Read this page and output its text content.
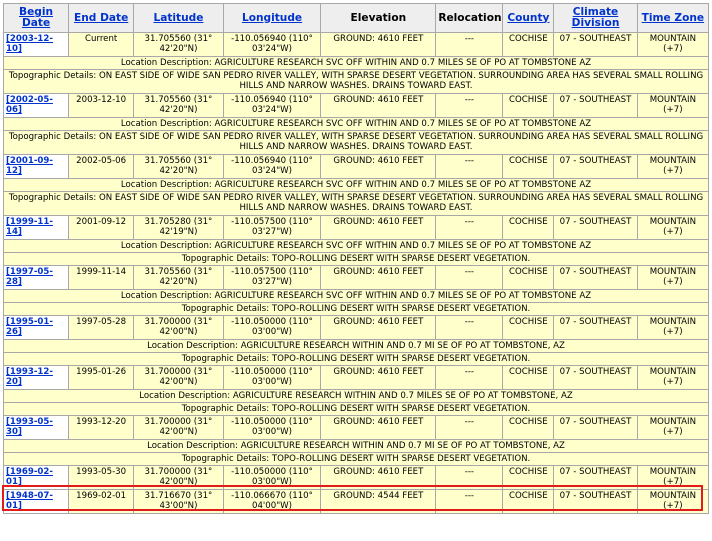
Begin Date	End Date	Latitude	Longitude	Elevation	Relocation	County	Climate Division	Time Zone
[2003-12-10]	Current	31.705560 (31° 42'20"N)	-110.056940 (110° 03'24"W)	GROUND: 4610 FEET	---	COCHISE	07 - SOUTHEAST	MOUNTAIN (+7)
Location Description: AGRICULTURE RESEARCH SVC OFF WITHIN AND 0.7 MILES SE OF PO AT TOMBSTONE AZ								
Topographic Details: ON EAST SIDE OF WIDE SAN PEDRO RIVER VALLEY, WITH SPARSE DESERT VEGETATION. SURROUNDING AREA HAS SEVERAL SMALL ROLLING HILLS AND NARROW WASHES. DRAINS TOWARD EAST.								
[2002-05-06]	2003-12-10	31.705560 (31° 42'20"N)	-110.056940 (110° 03'24"W)	GROUND: 4610 FEET	---	COCHISE	07 - SOUTHEAST	MOUNTAIN (+7)
Location Description: AGRICULTURE RESEARCH SVC OFF WITHIN AND 0.7 MILES SE OF PO AT TOMBSTONE AZ								
Topographic Details: ON EAST SIDE OF WIDE SAN PEDRO RIVER VALLEY, WITH SPARSE DESERT VEGETATION. SURROUNDING AREA HAS SEVERAL SMALL ROLLING HILLS AND NARROW WASHES. DRAINS TOWARD EAST.								
[2001-09-12]	2002-05-06	31.705560 (31° 42'20"N)	-110.056940 (110° 03'24"W)	GROUND: 4610 FEET	---	COCHISE	07 - SOUTHEAST	MOUNTAIN (+7)
Location Description: AGRICULTURE RESEARCH SVC OFF WITHIN AND 0.7 MILES SE OF PO AT TOMBSTONE AZ								
Topographic Details: ON EAST SIDE OF WIDE SAN PEDRO RIVER VALLEY, WITH SPARSE DESERT VEGETATION. SURROUNDING AREA HAS SEVERAL SMALL ROLLING HILLS AND NARROW WASHES. DRAINS TOWARD EAST.								
[1999-11-14]	2001-09-12	31.705280 (31° 42'19"N)	-110.057500 (110° 03'27"W)	GROUND: 4610 FEET	---	COCHISE	07 - SOUTHEAST	MOUNTAIN (+7)
Location Description: AGRICULTURE RESEARCH SVC OFF WITHIN AND 0.7 MILES SE OF PO AT TOMBSTONE AZ								
Topographic Details: TOPO-ROLLING DESERT WITH SPARSE DESERT VEGETATION.								
[1997-05-28]	1999-11-14	31.705560 (31° 42'20"N)	-110.057500 (110° 03'27"W)	GROUND: 4610 FEET	---	COCHISE	07 - SOUTHEAST	MOUNTAIN (+7)
Location Description: AGRICULTURE RESEARCH SVC OFF WITHIN AND 0.7 MILES SE OF PO AT TOMBSTONE AZ								
Topographic Details: TOPO-ROLLING DESERT WITH SPARSE DESERT VEGETATION.								
[1995-01-26]	1997-05-28	31.700000 (31° 42'00"N)	-110.050000 (110° 03'00"W)	GROUND: 4610 FEET	---	COCHISE	07 - SOUTHEAST	MOUNTAIN (+7)
Location Description: AGRICULTURE RESEARCH WITHIN AND 0.7 MI SE OF PO AT TOMBSTONE, AZ								
Topographic Details: TOPO-ROLLING DESERT WITH SPARSE DESERT VEGETATION.								
[1993-12-20]	1995-01-26	31.700000 (31° 42'00"N)	-110.050000 (110° 03'00"W)	GROUND: 4610 FEET	---	COCHISE	07 - SOUTHEAST	MOUNTAIN (+7)
Location Description: AGRICULTURE RESEARCH WITHIN AND 0.7 MILES SE OF PO AT TOMBSTONE, AZ								
Topographic Details: TOPO-ROLLING DESERT WITH SPARSE DESERT VEGETATION.								
[1993-05-30]	1993-12-20	31.700000 (31° 42'00"N)	-110.050000 (110° 03'00"W)	GROUND: 4610 FEET	---	COCHISE	07 - SOUTHEAST	MOUNTAIN (+7)
Location Description: AGRICULTURE RESEARCH WITHIN AND 0.7 MI SE OF PO AT TOMBSTONE, AZ								
Topographic Details: TOPO-ROLLING DESERT WITH SPARSE DESERT VEGETATION.								
[1969-02-01]	1993-05-30	31.700000 (31° 42'00"N)	-110.050000 (110° 03'00"W)	GROUND: 4610 FEET	---	COCHISE	07 - SOUTHEAST	MOUNTAIN (+7)
[1948-07-01]	1969-02-01	31.716670 (31° 43'00"N)	-110.066670 (110° 04'00"W)	GROUND: 4544 FEET	---	COCHISE	07 - SOUTHEAST	MOUNTAIN (+7)
